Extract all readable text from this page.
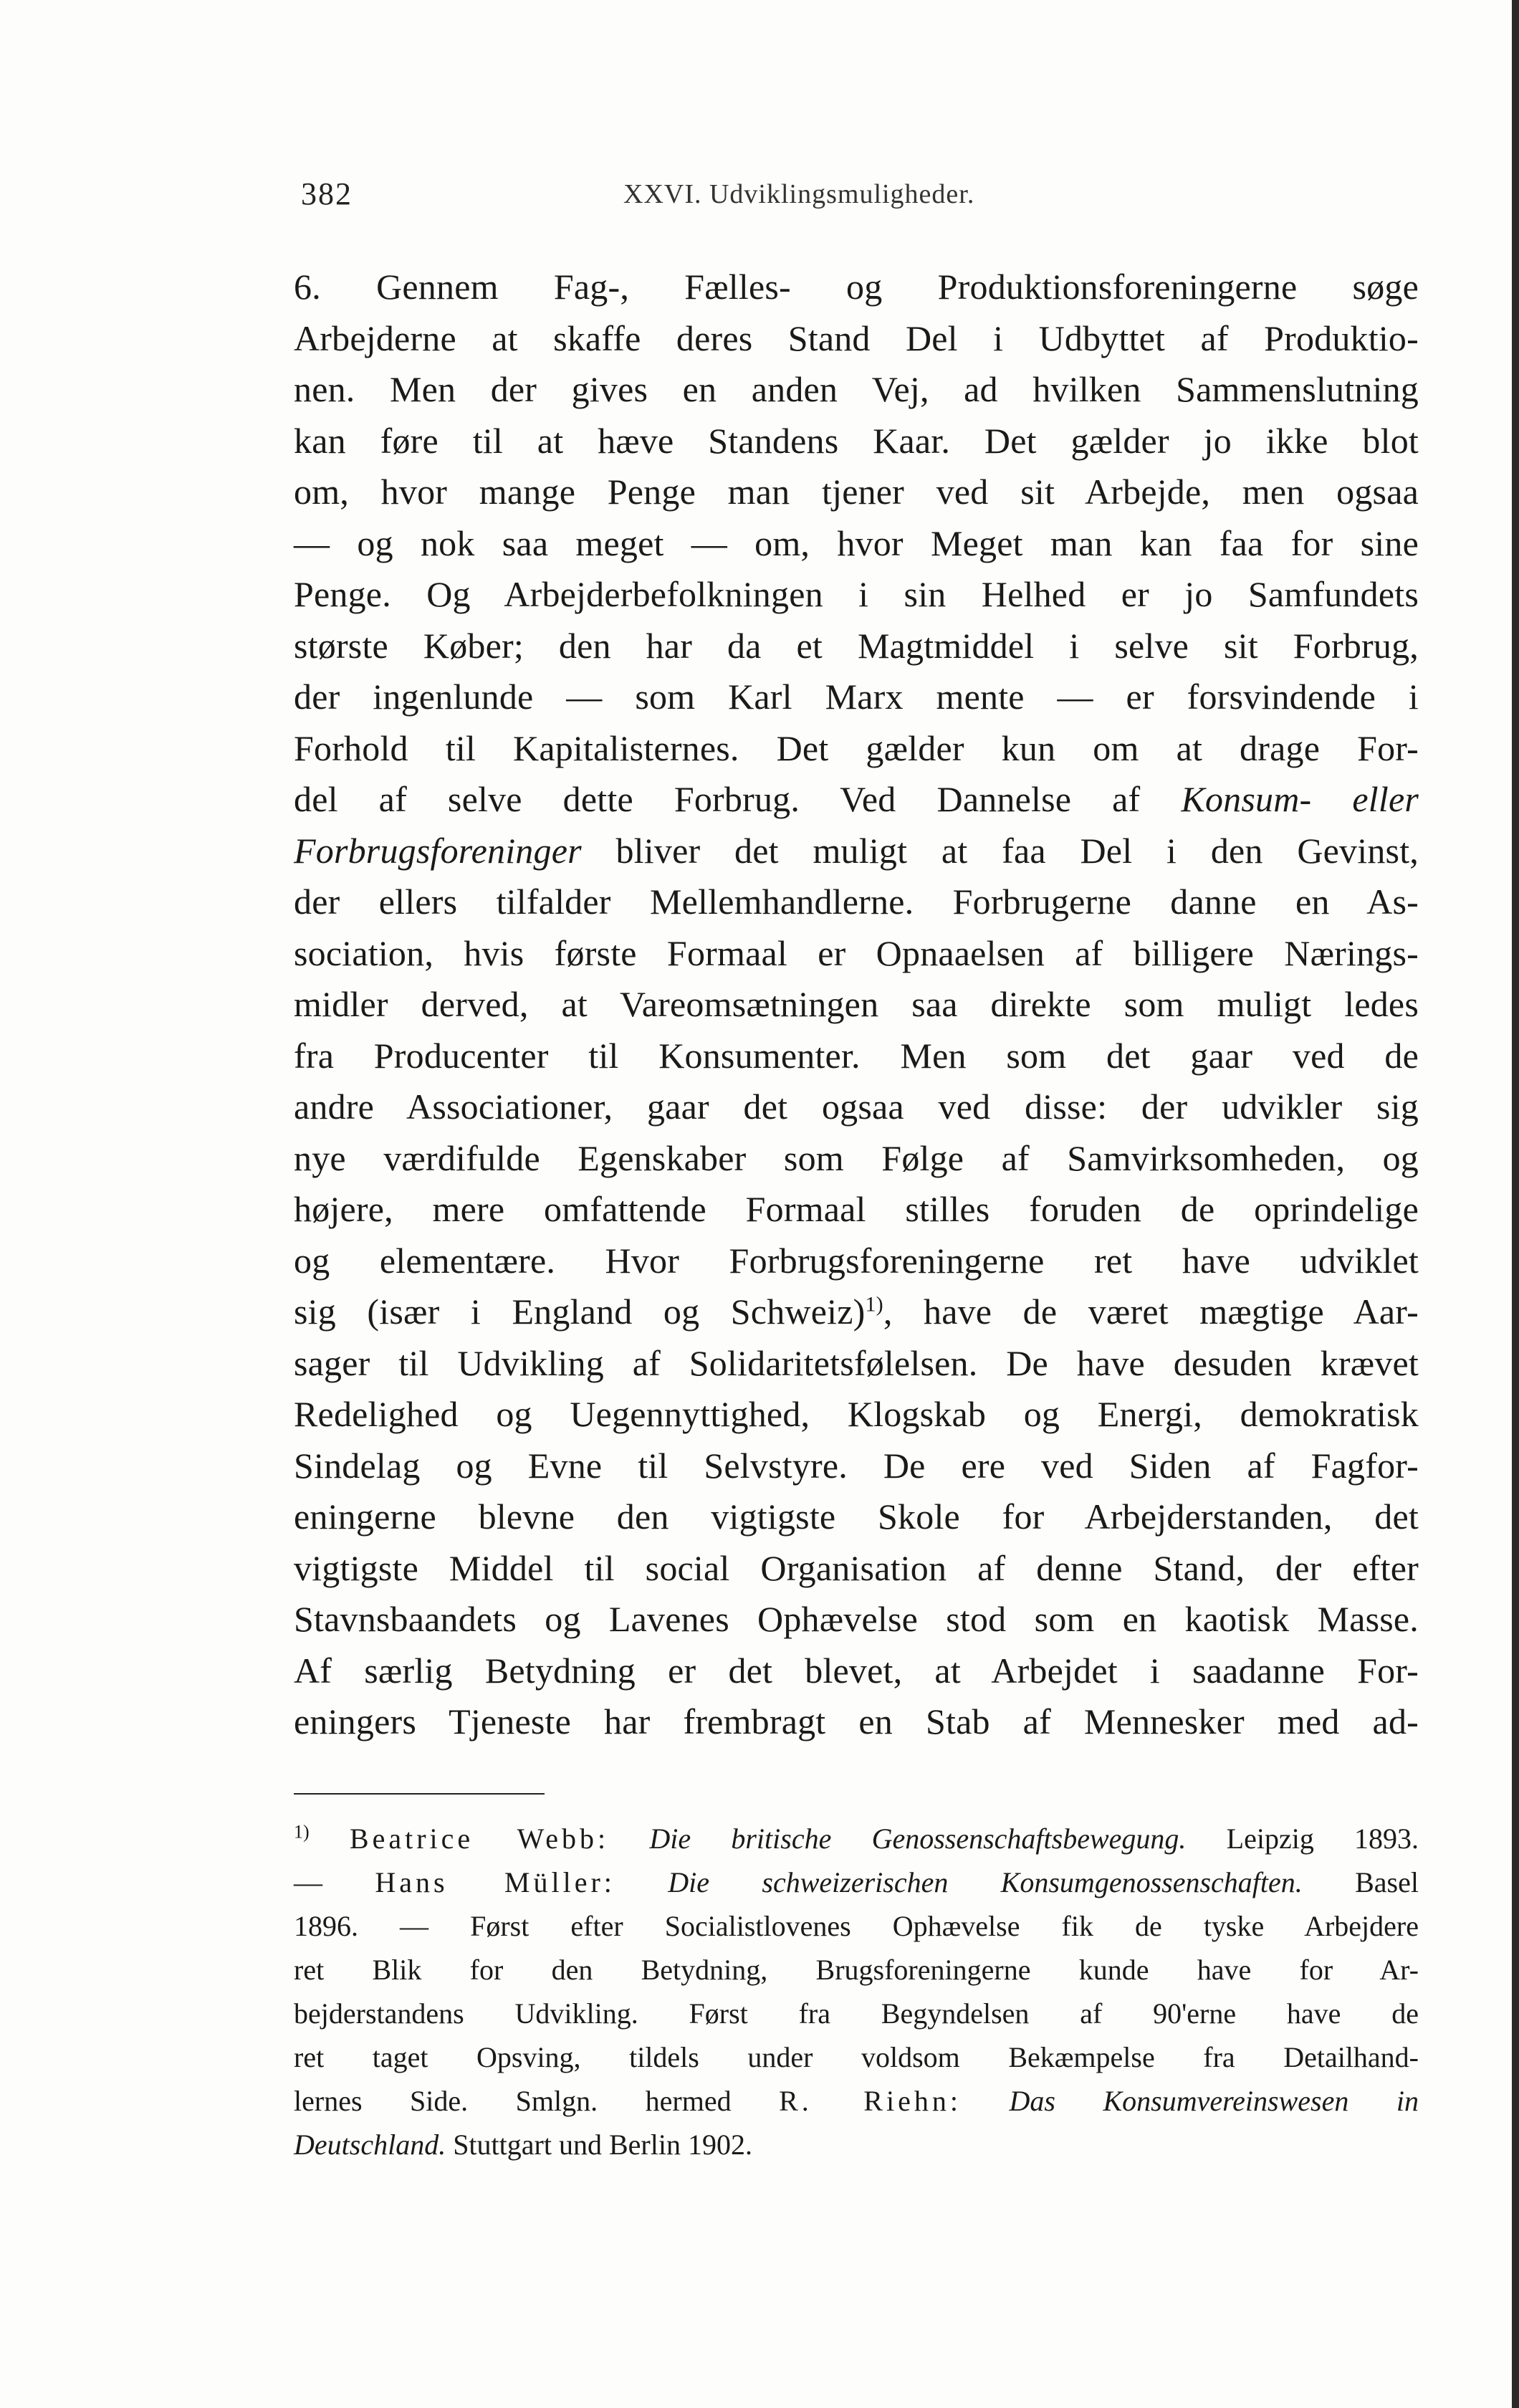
382	XXVI. Udviklingsmuligheder.
6. Gennem Fag-, Fælles- og Produktionsforeningerne søge
Arbejderne at skaffe deres Stand Del i Udbyttet af Produktio-
nen. Men der gives en anden Vej, ad hvilken Sammenslutning
kan føre til at hæve Standens Kaar. Det gælder jo ikke blot
om, hvor mange Penge man tjener ved sit Arbejde, men ogsaa
— og nok saa meget — om, hvor Meget man kan faa for sine
Penge. Og Arbejderbefolkningen i sin Helhed er jo Samfundets
største Køber; den har da et Magtmiddel i selve sit Forbrug,
der ingenlunde — som Karl Marx mente — er forsvindende i
Forhold til Kapitalisternes. Det gælder kun om at drage For-
del af selve dette Forbrug. Ved Dannelse af Konsum- eller
Forbrugsforeninger bliver det muligt at faa Del i den Gevinst,
der ellers tilfalder Mellemhandlerne. Forbrugerne danne en As-
sociation, hvis første Formaal er Opnaaelsen af billigere Nærings-
midler derved, at Vareomsætningen saa direkte som muligt ledes
fra Producenter til Konsumenter. Men som det gaar ved de
andre Associationer, gaar det ogsaa ved disse: der udvikler sig
nye værdifulde Egenskaber som Følge af Samvirksomheden, og
højere, mere omfattende Formaal stilles foruden de oprindelige
og elementære. Hvor Forbrugsforeningerne ret have udviklet
sig (især i England og Schweiz)$^{1)}$, have de været mægtige Aar-
sager til Udvikling af Solidaritetsfølelsen. De have desuden krævet
Redelighed og Uegennyttighed, Klogskab og Energi, demokratisk
Sindelag og Evne til Selvstyre. De ere ved Siden af Fagfor-
eningerne blevne den vigtigste Skole for Arbejderstanden, det
vigtigste Middel til social Organisation af denne Stand, der efter
Stavnsbaandets og Lavenes Ophævelse stod som en kaotisk Masse.
Af særlig Betydning er det blevet, at Arbejdet i saadanne For-
eningers Tjeneste har frembragt en Stab af Mennesker med ad-
$^{1)}$ Beatrice Webb: Die britische Genossenschaftsbewegung. Leipzig 1893.
— Hans Müller: Die schweizerischen Konsumgenossenschaften. Basel
1896. — Først efter Socialistlovenes Ophævelse fik de tyske Arbejdere
ret Blik for den Betydning, Brugsforeningerne kunde have for Ar-
bejderstandens Udvikling. Først fra Begyndelsen af 90'erne have de
ret taget Opsving, tildels under voldsom Bekæmpelse fra Detailhand-
lernes Side. Smlgn. hermed R. Riehn: Das Konsumvereinswesen in
Deutschland. Stuttgart und Berlin 1902.
